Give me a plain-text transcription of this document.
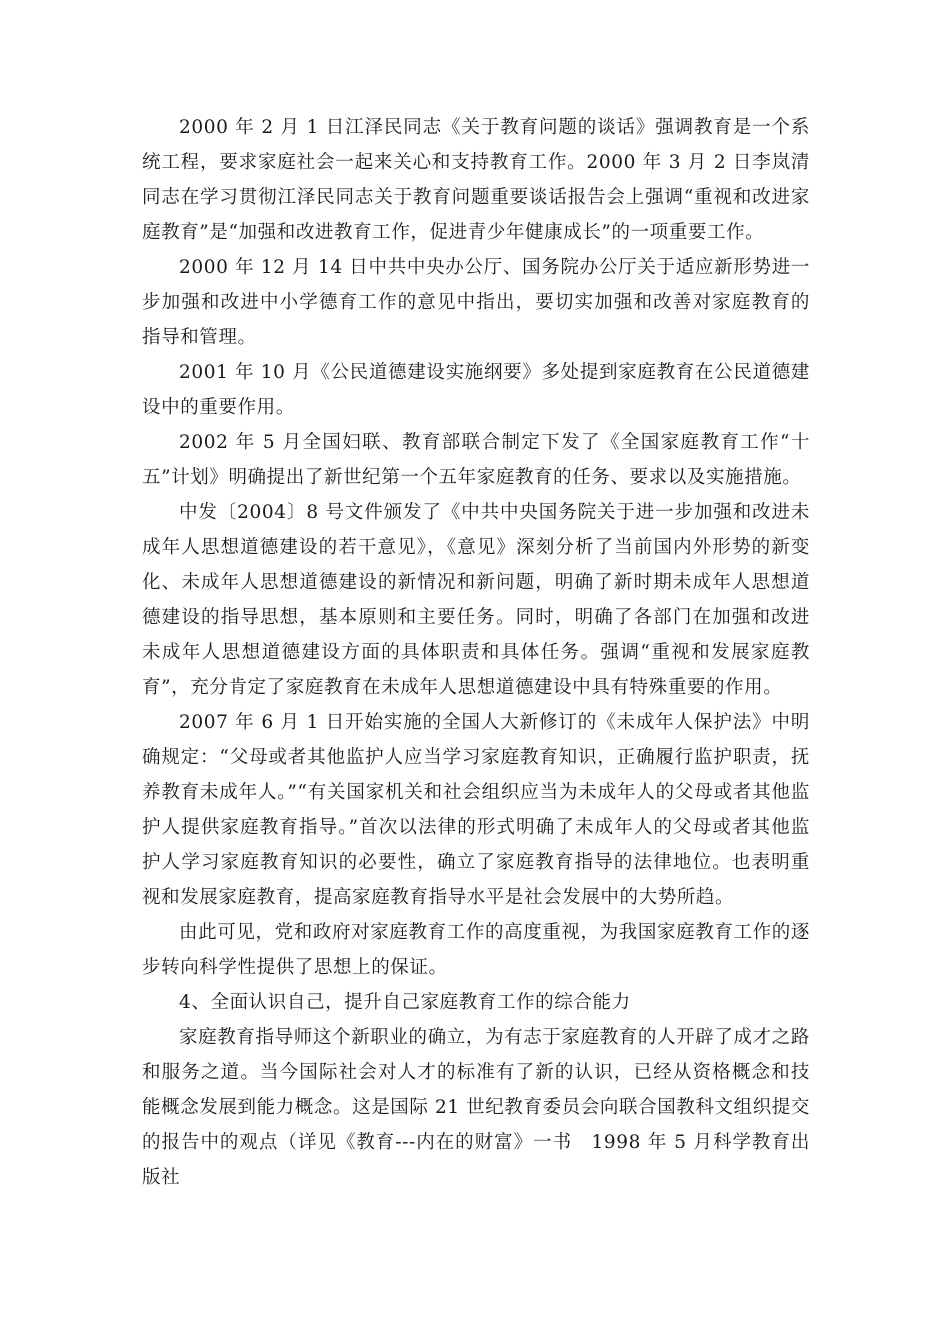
2000 年 2 月 1 日江泽民同志《关于教育问题的谈话》强调教育是一个系统工程，要求家庭社会一起来关心和支持教育工作。2000 年 3 月 2 日李岚清同志在学习贯彻江泽民同志关于教育问题重要谈话报告会上强调“重视和改进家庭教育”是“加强和改进教育工作，促进青少年健康成长”的一项重要工作。

2000 年 12 月 14 日中共中央办公厅、国务院办公厅关于适应新形势进一步加强和改进中小学德育工作的意见中指出，要切实加强和改善对家庭教育的指导和管理。

2001 年 10 月《公民道德建设实施纲要》多处提到家庭教育在公民道德建设中的重要作用。

2002 年 5 月全国妇联、教育部联合制定下发了《全国家庭教育工作“十五”计划》明确提出了新世纪第一个五年家庭教育的任务、要求以及实施措施。

中发〔2004〕8 号文件颁发了《中共中央国务院关于进一步加强和改进未成年人思想道德建设的若干意见》，《意见》深刻分析了当前国内外形势的新变化、未成年人思想道德建设的新情况和新问题，明确了新时期未成年人思想道德建设的指导思想，基本原则和主要任务。同时，明确了各部门在加强和改进未成年人思想道德建设方面的具体职责和具体任务。强调“重视和发展家庭教育”，充分肯定了家庭教育在未成年人思想道德建设中具有特殊重要的作用。

2007 年 6 月 1 日开始实施的全国人大新修订的《未成年人保护法》中明确规定：“父母或者其他监护人应当学习家庭教育知识，正确履行监护职责，抚养教育未成年人。”“有关国家机关和社会组织应当为未成年人的父母或者其他监护人提供家庭教育指导。”首次以法律的形式明确了未成年人的父母或者其他监护人学习家庭教育知识的必要性，确立了家庭教育指导的法律地位。也表明重视和发展家庭教育，提高家庭教育指导水平是社会发展中的大势所趋。

由此可见，党和政府对家庭教育工作的高度重视，为我国家庭教育工作的逐步转向科学性提供了思想上的保证。

4、全面认识自己，提升自己家庭教育工作的综合能力

家庭教育指导师这个新职业的确立，为有志于家庭教育的人开辟了成才之路和服务之道。当今国际社会对人才的标准有了新的认识，已经从资格概念和技能概念发展到能力概念。这是国际 21 世纪教育委员会向联合国教科文组织提交的报告中的观点（详见《教育---内在的财富》一书　1998 年 5 月科学教育出版社
